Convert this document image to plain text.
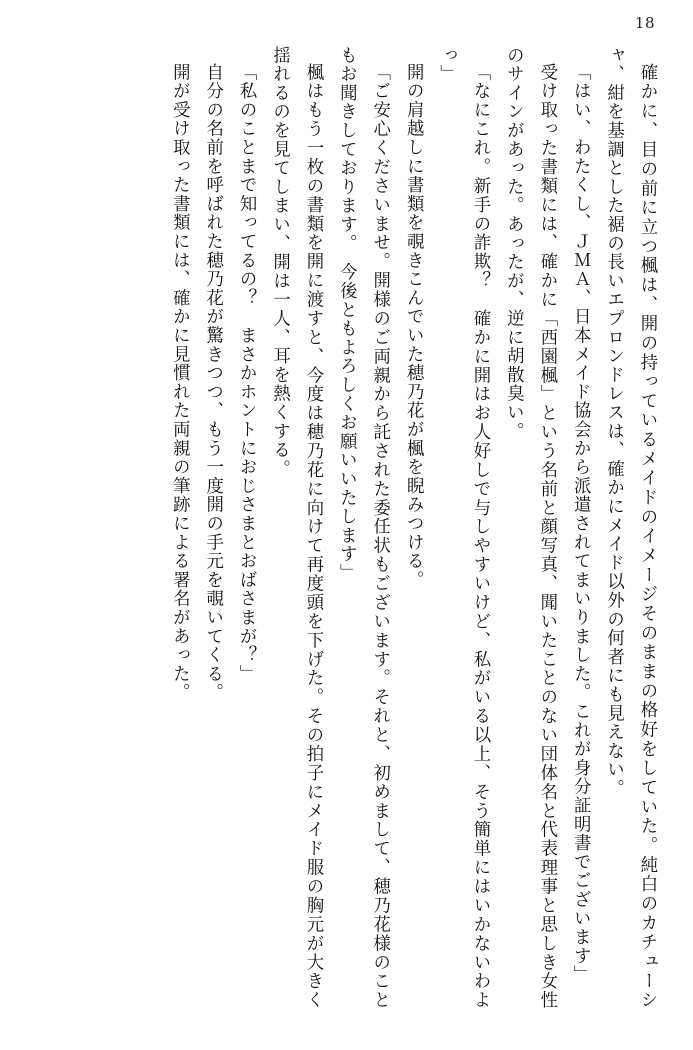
18

確かに、目の前に立つ楓は、開の持っているメイドのイメージそのままの格好をしていた。純白のカチューシャ、紺を基調とした裾の長いエプロンドレスは、確かにメイド以外の何者にも見えない。

「はい、わたくし、ＪＭＡ、日本メイド協会から派遣されてまいりました。これが身分証明書でございます」

受け取った書類には、確かに「西園楓」という名前と顔写真、聞いたことのない団体名と代表理事と思しき女性のサインがあった。あったが、逆に胡散臭い。

「なにこれ。新手の詐欺？　確かに開はお人好しで与しやすいけど、私がいる以上、そう簡単にはいかないわよっ」

開の肩越しに書類を覗きこんでいた穂乃花が楓を睨みつける。

「ご安心くださいませ。開様のご両親から託された委任状もございます。それと、初めまして、穂乃花様のこともお聞きしております。　今後ともよろしくお願いいたします」

楓はもう一枚の書類を開に渡すと、今度は穂乃花に向けて再度頭を下げた。その拍子にメイド服の胸元が大きく揺れるのを見てしまい、開は一人、耳を熱くする。

「私のことまで知ってるの？　まさかホントにおじさまとおばさまが？」

自分の名前を呼ばれた穂乃花が驚きつつ、もう一度開の手元を覗いてくる。

開が受け取った書類には、確かに見慣れた両親の筆跡による署名があった。
